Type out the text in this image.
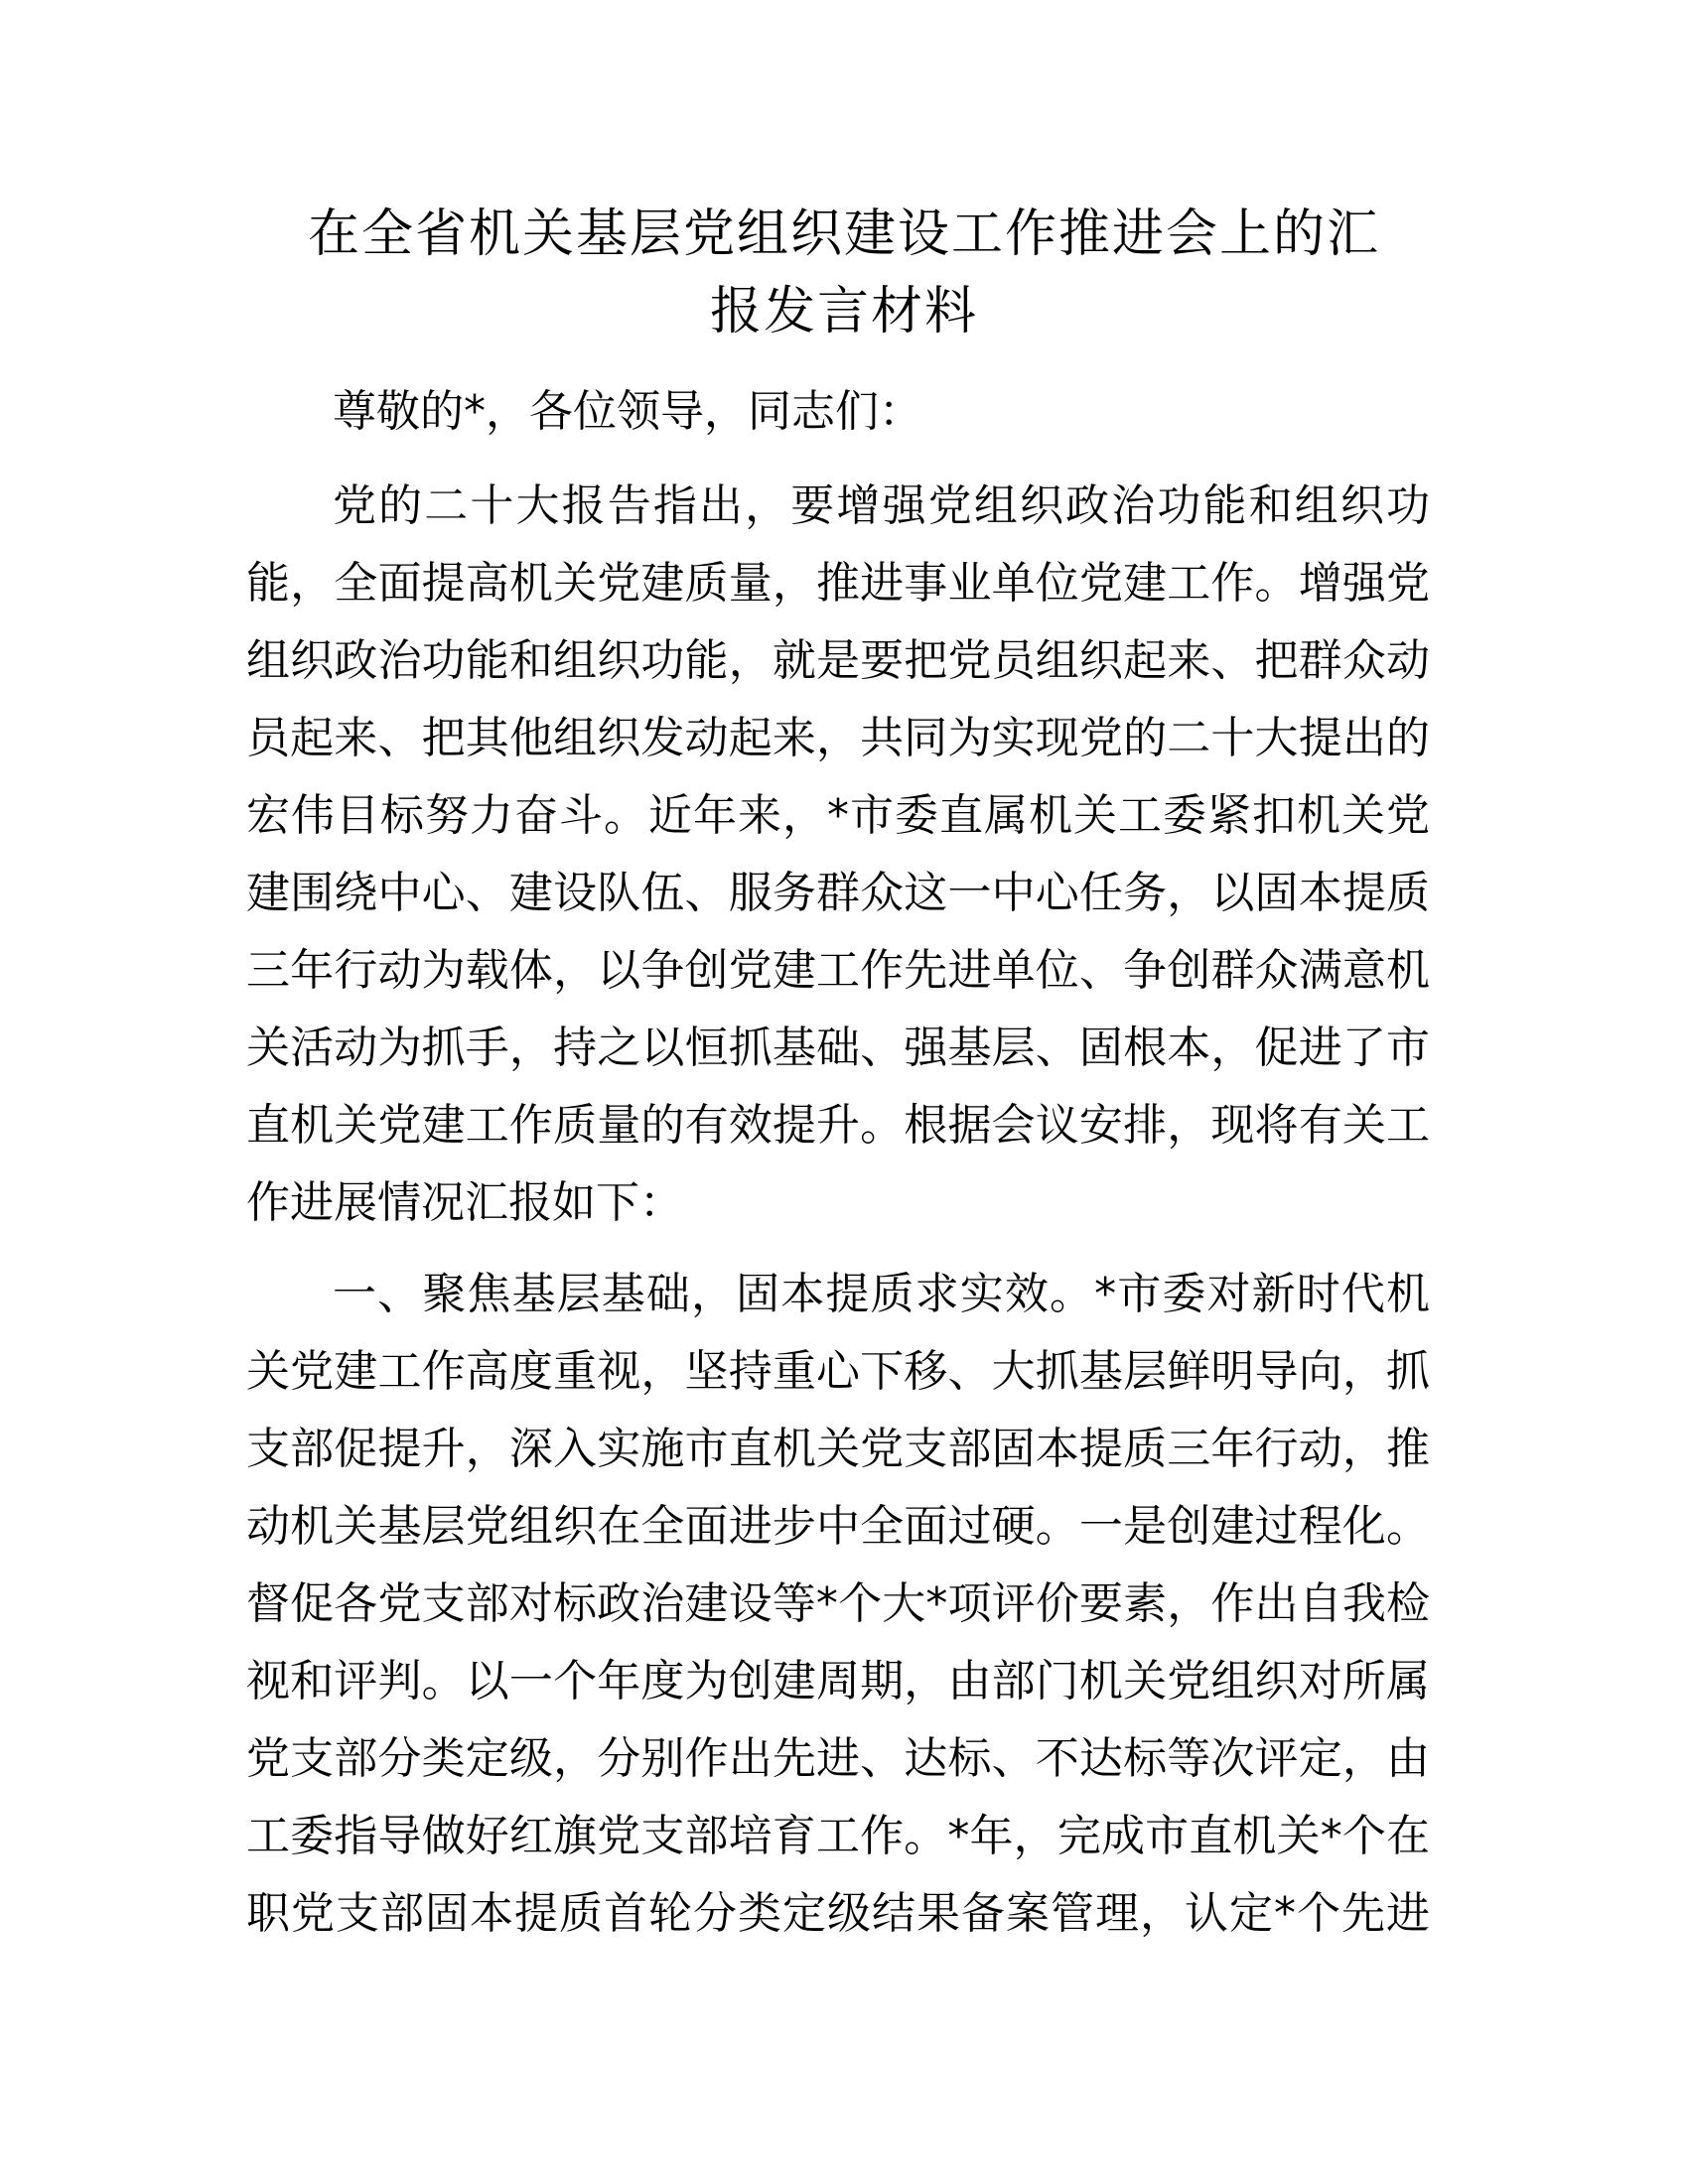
在全省机关基层党组织建设工作推进会上的汇
报发言材料
尊敬的*，各位领导，同志们：
党的二十大报告指出，要增强党组织政治功能和组织功
能，全面提高机关党建质量，推进事业单位党建工作。增强党
组织政治功能和组织功能，就是要把党员组织起来、把群众动
员起来、把其他组织发动起来，共同为实现党的二十大提出的
宏伟目标努力奋斗。近年来，*市委直属机关工委紧扣机关党
建围绕中心、建设队伍、服务群众这一中心任务，以固本提质
三年行动为载体，以争创党建工作先进单位、争创群众满意机
关活动为抓手，持之以恒抓基础、强基层、固根本，促进了市
直机关党建工作质量的有效提升。根据会议安排，现将有关工
作进展情况汇报如下：
一、聚焦基层基础，固本提质求实效。*市委对新时代机
关党建工作高度重视，坚持重心下移、大抓基层鲜明导向，抓
支部促提升，深入实施市直机关党支部固本提质三年行动，推
动机关基层党组织在全面进步中全面过硬。一是创建过程化。
督促各党支部对标政治建设等*个大*项评价要素，作出自我检
视和评判。以一个年度为创建周期，由部门机关党组织对所属
党支部分类定级，分别作出先进、达标、不达标等次评定，由
工委指导做好红旗党支部培育工作。*年，完成市直机关*个在
职党支部固本提质首轮分类定级结果备案管理，认定*个先进
